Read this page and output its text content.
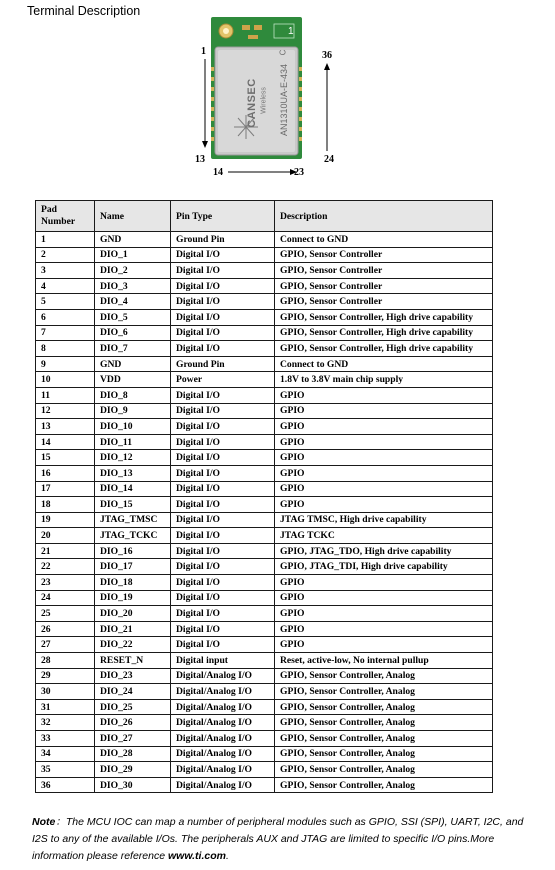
Terminal Description
1
13
36
24
14	23
1
CANSEC Wireless AN1310UA-E-434
C
Pad Number	Name	Pin Type	Description
1	GND	Ground Pin	Connect to GND
2	DIO_1	Digital I/O	GPIO, Sensor Controller
3	DIO_2	Digital I/O	GPIO, Sensor Controller
4	DIO_3	Digital I/O	GPIO, Sensor Controller
5	DIO_4	Digital I/O	GPIO, Sensor Controller
6	DIO_5	Digital I/O	GPIO, Sensor Controller, High drive capability
7	DIO_6	Digital I/O	GPIO, Sensor Controller, High drive capability
8	DIO_7	Digital I/O	GPIO, Sensor Controller, High drive capability
9	GND	Ground Pin	Connect to GND
10	VDD	Power	1.8V to 3.8V main chip supply
11	DIO_8	Digital I/O	GPIO
12	DIO_9	Digital I/O	GPIO
13	DIO_10	Digital I/O	GPIO
14	DIO_11	Digital I/O	GPIO
15	DIO_12	Digital I/O	GPIO
16	DIO_13	Digital I/O	GPIO
17	DIO_14	Digital I/O	GPIO
18	DIO_15	Digital I/O	GPIO
19	JTAG_TMSC	Digital I/O	JTAG TMSC, High drive capability
20	JTAG_TCKC	Digital I/O	JTAG TCKC
21	DIO_16	Digital I/O	GPIO, JTAG_TDO, High drive capability
22	DIO_17	Digital I/O	GPIO, JTAG_TDI, High drive capability
23	DIO_18	Digital I/O	GPIO
24	DIO_19	Digital I/O	GPIO
25	DIO_20	Digital I/O	GPIO
26	DIO_21	Digital I/O	GPIO
27	DIO_22	Digital I/O	GPIO
28	RESET_N	Digital input	Reset, active-low, No internal pullup
29	DIO_23	Digital/Analog I/O	GPIO, Sensor Controller, Analog
30	DIO_24	Digital/Analog I/O	GPIO, Sensor Controller, Analog
31	DIO_25	Digital/Analog I/O	GPIO, Sensor Controller, Analog
32	DIO_26	Digital/Analog I/O	GPIO, Sensor Controller, Analog
33	DIO_27	Digital/Analog I/O	GPIO, Sensor Controller, Analog
34	DIO_28	Digital/Analog I/O	GPIO, Sensor Controller, Analog
35	DIO_29	Digital/Analog I/O	GPIO, Sensor Controller, Analog
36	DIO_30	Digital/Analog I/O	GPIO, Sensor Controller, Analog
Note：The MCU IOC can map a number of peripheral modules such as GPIO, SSI (SPI), UART, I2C, and I2S to any of the available I/Os. The peripherals AUX and JTAG are limited to specific I/O pins.More information please reference www.ti.com.
